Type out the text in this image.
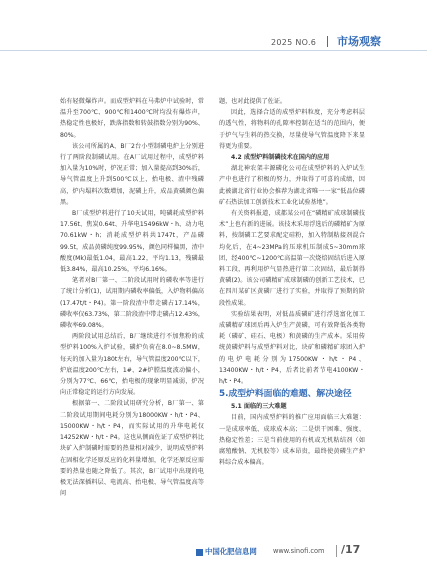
2025 NO.6 市场观察

始有轻微爆炸声。而成型炉料在马弗炉中试验时，常温升至700℃、900℃和1400℃时均没有爆炸声，热稳定性也极好，跌落指数和转鼓指数分别为90%、80%。

该公司所属的A、B厂2台小型制磷电炉上分别进行了两阶段制磷试用。在A厂试用过程中，成型炉料加入量为10%时，炉况正常；加入量提高到30%后，导气管温度上升到500℃以上，抬电极、渣中残磷高，炉内塌料次数增加，泥磷上升，成品黄磷颜色偏黑。

B厂成型炉料进行了10天试用，吨磷耗成型炉料17.56t、焦炭0.64t、升华电15496kW・h、动力电70.61kW・h；消耗成型炉料共1747t，产品磷99.5t，成品黄磷纯度99.95%，颜色同样偏黑，渣中酸度(Mk)最低1.04，最高1.22，平均1.13，残磷最低3.84%，最高10.25%，平均6.16%。

笔者对B厂第一、二阶段试用时的磷收率等进行了统计分析(1)，试用期内磷收率偏低，入炉物料偏高(17.47t/t・P4)。第一阶段渣中带走磷占17.14%，磷收率仅63.73%，第二阶段渣中带走磷占12.43%，磷收率69.08%。

两阶段试用总结后，B厂继续进行不加焦粉的成型炉料100%入炉试验，磷炉负荷在8.0~8.5MW，每天的加入量为180t左右，导气管温度200℃以下，炉底温度200℃左右，1#、2#炉膛温度波动偏小，分别为77℃、66℃，抬电极的现象明显减弱，炉况向正常稳定的运行方向发展。

根据第一、二阶段试用研究分析，B厂第一、第二阶段试用期间电耗分别为18000KW・h/t・P4、15000KW・h/t・P4，而实际试用的升华电耗仅14252KW・h/t・P4。这也从侧面佐证了成型炉料比块矿入炉制磷时需要的热量相对减少，说明成型炉料在固相化学还原反应的化料量增加，化学还原反应需要的热量也随之降低了。其次，B厂试用中出现的电极无法深插料层、电流高、抬电极、导气管温度高等问

题，也对此提供了佐证。

因此，选择合适的成型炉料粒度，充分考虑料层的透气性，将物料的孔隙率控制在适当的范围内，便于炉气与生料的热交换，尽量使导气管温度降下来显得更为重要。

4.2 成型炉料制磷技术在国内的应用

湖北神农架丰源磷化公司在成型炉料的入炉试生产中也进行了积极的努力，并取得了可喜的成绩，因此被湖北省行业协会推荐为湖北省唯一一家“低品位磷矿石热法加工创新技术工业化试验基地”。

有关资料报道，成都某公司在“磷精矿成球制磷技术”上也有新的进展。该技术采用浮选后的磷精矿为原料，按制磷工艺要求配定硅粉，加入特制粘接剂混合均化后，在4~23MPa的压球机压制成5~30mm球团，经400℃~1200℃高温第一次烧焙固结后进入原料工段，再利用炉气显热进行第二次固结，最后制得黄磷(2)。该公司磷精矿成球制磷的创新工艺技术，已在四川某矿区黄磷厂进行了实验，并取得了预期的阶段性成果。

实验结果表明，对低品质磷矿进行浮选富化加工成磷精矿球团后再入炉生产黄磷，可有效降低各类物耗（磷矿、硅石、电极）和黄磷的生产成本。采用传统黄磷炉料与成型炉料对比，块矿和磷精矿球团入炉的电炉电耗分别为17500KW・h/t・P4、13400KW・h/t・P4，后者比前者节电4100KW・h/t・P4。

5.成型炉料面临的难题、解决途径

5.1 面临的三大难题

目前，国内成型炉料的推广应用面临三大难题：一是成球率低、成球成本高；二是烘干困难、强度、热稳定性差；三是当前使用的有机或无机粘结剂（如腐殖酸钠、无机胶等）成本昂贵，最终使黄磷生产炉料综合成本偏高。

中国化肥信息网 www.sinofi.com /17
